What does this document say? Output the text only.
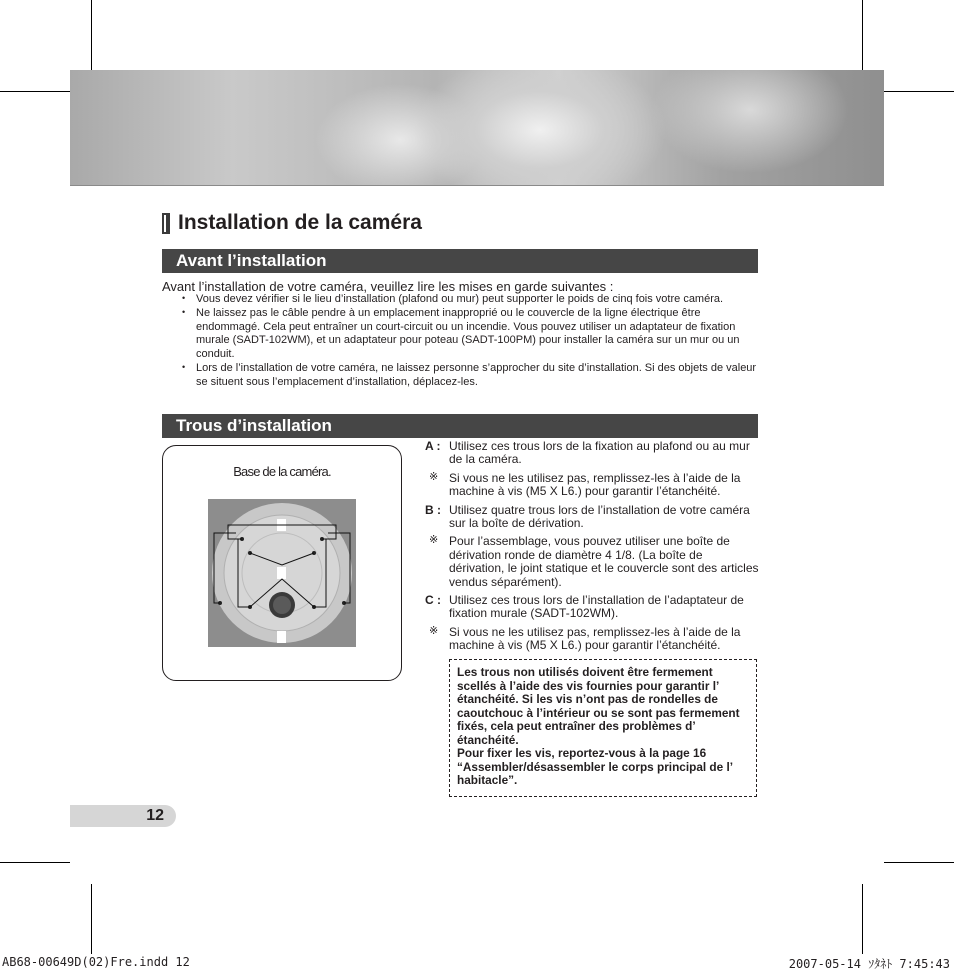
Installation de la caméra
Avant l’installation
Avant l’installation de votre caméra, veuillez lire les mises en garde suivantes :
• Vous devez vérifier si le lieu d’installation (plafond ou mur) peut supporter le poids de cinq fois votre caméra.
• Ne laissez pas le câble pendre à un emplacement inapproprié ou le couvercle de la ligne électrique être endommagé. Cela peut entraîner un court-circuit ou un incendie. Vous pouvez utiliser un adaptateur de fixation murale (SADT-102WM), et un adaptateur pour poteau (SADT-100PM) pour installer la caméra sur un mur ou un conduit.
• Lors de l’installation de votre caméra, ne laissez personne s’approcher du site d’installation. Si des objets de valeur se situent sous l’emplacement d’installation, déplacez-les.
Trous d’installation
Base de la caméra.
A : Utilisez ces trous lors de la fixation au plafond ou au mur de la caméra.
※ Si vous ne les utilisez pas, remplissez-les à l’aide de la machine à vis (M5 X L6.) pour garantir l’étanchéité.
B : Utilisez quatre trous lors de l’installation de votre caméra sur la boîte de dérivation.
※ Pour l’assemblage, vous pouvez utiliser une boîte de dérivation ronde de diamètre 4 1/8. (La boîte de dérivation, le joint statique et le couvercle sont des articles vendus séparément).
C : Utilisez ces trous lors de l’installation de l’adaptateur de fixation murale (SADT-102WM).
※ Si vous ne les utilisez pas, remplissez-les à l’aide de la machine à vis (M5 X L6.) pour garantir l’étanchéité.
Les trous non utilisés doivent être fermement scellés à l’aide des vis fournies pour garantir l’ étanchéité. Si les vis n’ont pas de rondelles de caoutchouc à l’intérieur ou se sont pas fermement fixés, cela peut entraîner des problèmes d’ étanchéité.
Pour fixer les vis, reportez-vous à la page 16 “Assembler/désassembler le corps principal de l’ habitacle”.
12
AB68-00649D(02)Fre.indd 12	2007-05-14 ｿﾀﾈﾄ 7:45:43
